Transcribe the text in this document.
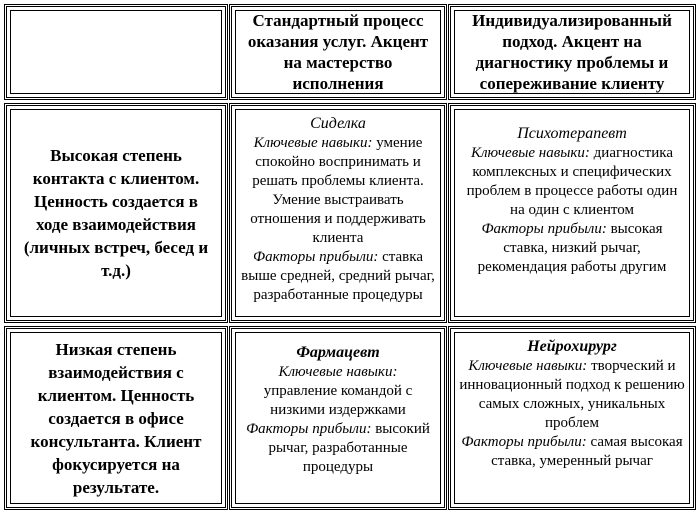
Стандартный процесс оказания услуг. Акцент на мастерство исполнения
Индивидуализированный подход. Акцент на диагностику проблемы и сопереживание клиенту
Высокая степень контакта с клиентом. Ценность создается в ходе взаимодействия (личных встреч, бесед и т.д.)
Сиделка
Ключевые навыки: умение спокойно воспринимать и решать проблемы клиента. Умение выстраивать отношения и поддерживать клиента
Факторы прибыли: ставка выше средней, средний рычаг, разработанные процедуры
Психотерапевт
Ключевые навыки: диагностика комплексных и специфических проблем в процессе работы один на один с клиентом
Факторы прибыли: высокая ставка, низкий рычаг, рекомендация работы другим
Низкая степень взаимодействия с клиентом. Ценность создается в офисе консультанта. Клиент фокусируется на результате.
Фармацевт
Ключевые навыки: управление командой с низкими издержками
Факторы прибыли: высокий рычаг, разработанные процедуры
Нейрохирург
Ключевые навыки: творческий и инновационный подход к решению самых сложных, уникальных проблем
Факторы прибыли: самая высокая ставка, умеренный рычаг
